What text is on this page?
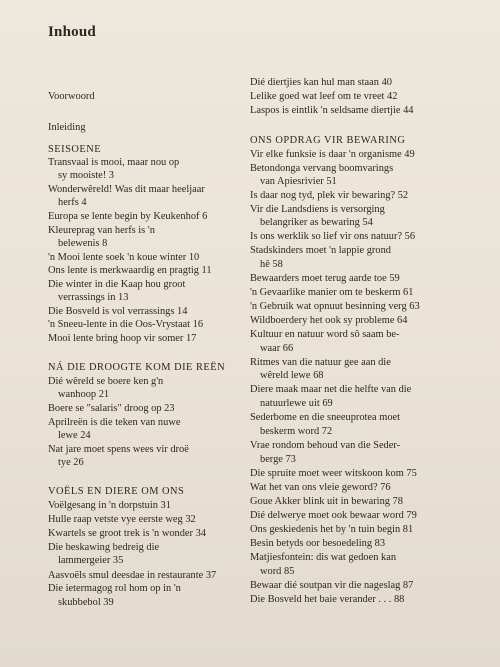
Inhoud
Voorwoord
Inleiding
SEISOENE
Transvaal is mooi, maar nou op
sy mooiste! 3
Wonderwêreld! Was dit maar heeljaar
herfs 4
Europa se lente begin by Keukenhof 6
Kleureprag van herfs is 'n
belewenis 8
'n Mooi lente soek 'n koue winter 10
Ons lente is merkwaardig en pragtig 11
Die winter in die Kaap hou groot
verrassings in 13
Die Bosveld is vol verrassings 14
'n Sneeu-lente in die Oos-Vrystaat 16
Mooi lente bring hoop vir somer 17
NÁ DIE DROOGTE KOM DIE REËN
Dié wêreld se boere ken g'n
wanhoop 21
Boere se "salaris" droog op 23
Aprilreën is die teken van nuwe
lewe 24
Nat jare moet spens wees vir droë
tye 26
VOËLS EN DIERE OM ONS
Voëlgesang in 'n dorpstuin 31
Hulle raap vetste vye eerste weg 32
Kwartels se groot trek is 'n wonder 34
Die beskawing bedreig die
lammergeier 35
Aasvoëls smul deesdae in restaurante 37
Die ietermagog rol hom op in 'n
skubbebol 39
Dié diertjies kan hul man staan 40
Lelike goed wat leef om te vreet 42
Laspos is eintlik 'n seldsame diertjie 44
ONS OPDRAG VIR BEWARING
Vir elke funksie is daar 'n organisme 49
Betondonga vervang boomvarings
van Apiesrivier 51
Is daar nog tyd, plek vir bewaring? 52
Vir die Landsdiens is versorging
belangriker as bewaring 54
Is ons werklik so lief vir ons natuur? 56
Stadskinders moet 'n lappie grond
hê 58
Bewaarders moet terug aarde toe 59
'n Gevaarlike manier om te beskerm 61
'n Gebruik wat opnuut besinning verg 63
Wildboerdery het ook sy probleme 64
Kultuur en natuur word sô saam be-
waar 66
Ritmes van die natuur gee aan die
wêreld lewe 68
Diere maak maar net die helfte van die
natuurlewe uit 69
Sederbome en die sneeuprotea moet
beskerm word 72
Vrae rondom behoud van die Seder-
berge 73
Die spruite moet weer witskoon kom 75
Wat het van ons vleie geword? 76
Goue Akker blink uit in bewaring 78
Dié delwerye moet ook bewaar word 79
Ons geskiedenis het by 'n tuin begin 81
Besin betyds oor besoedeling 83
Matjiesfontein: dis wat gedoen kan
word 85
Bewaar dié soutpan vir die nageslag 87
Die Bosveld het baie verander . . . 88
